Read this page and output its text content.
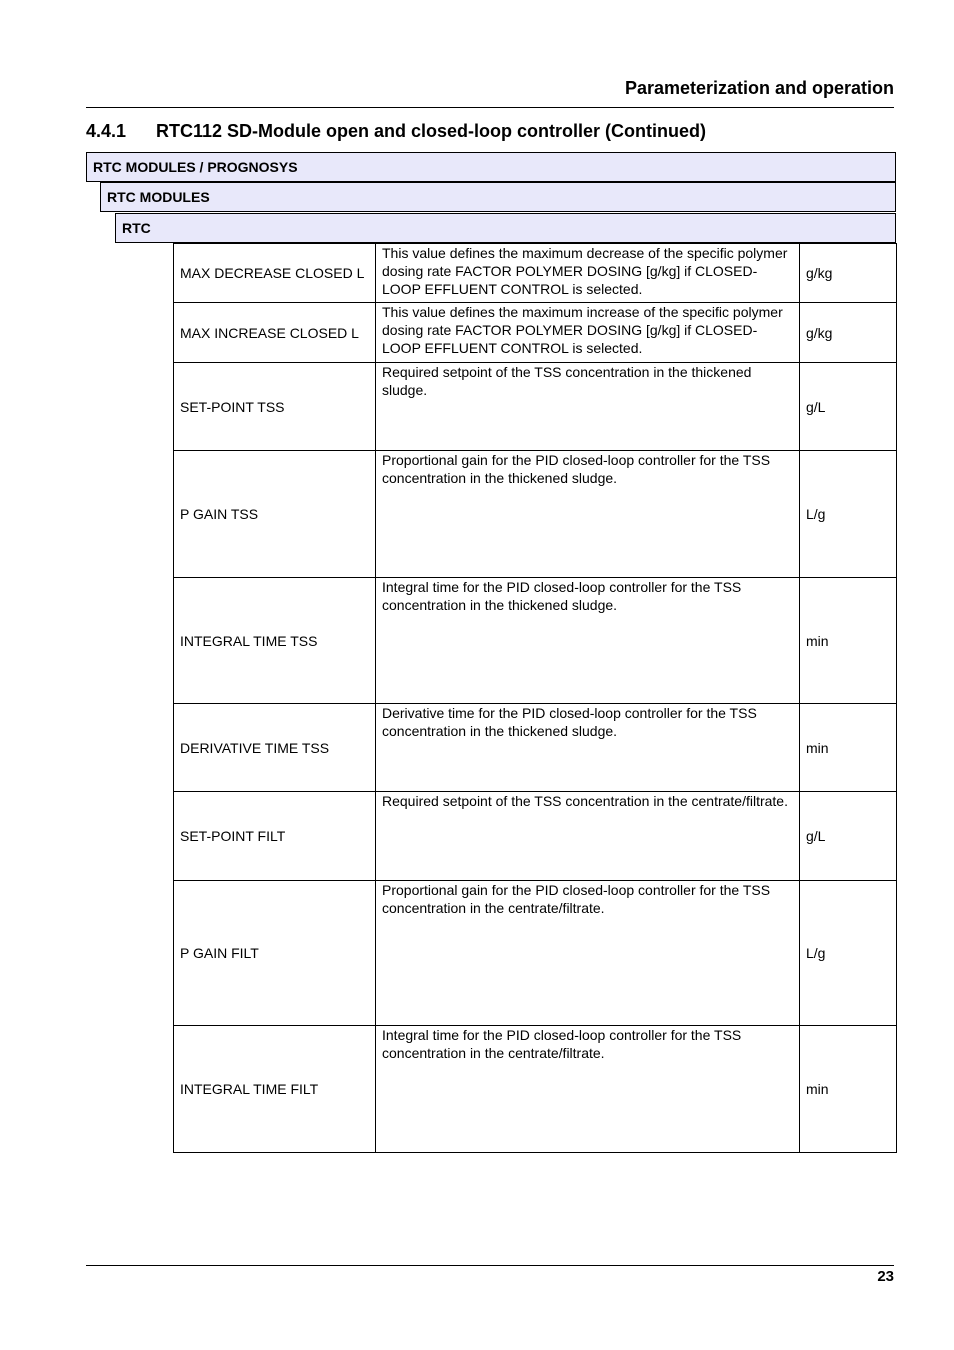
Parameterization and operation
4.4.1 RTC112 SD-Module open and closed-loop controller (Continued)
RTC MODULES / PROGNOSYS
RTC MODULES
RTC
MAX DECREASE CLOSED L	This value defines the maximum decrease of the specific polymer dosing rate FACTOR POLYMER DOSING [g/kg] if CLOSED-LOOP EFFLUENT CONTROL is selected.	g/kg
MAX INCREASE CLOSED L	This value defines the maximum increase of the specific polymer dosing rate FACTOR POLYMER DOSING [g/kg] if CLOSED-LOOP EFFLUENT CONTROL is selected.	g/kg
SET-POINT TSS	Required setpoint of the TSS concentration in the thickened sludge.	g/L
P GAIN TSS	Proportional gain for the PID closed-loop controller for the TSS concentration in the thickened sludge.	L/g
INTEGRAL TIME TSS	Integral time for the PID closed-loop controller for the TSS concentration in the thickened sludge.	min
DERIVATIVE TIME TSS	Derivative time for the PID closed-loop controller for the TSS concentration in the thickened sludge.	min
SET-POINT FILT	Required setpoint of the TSS concentration in the centrate/filtrate.	g/L
P GAIN FILT	Proportional gain for the PID closed-loop controller for the TSS concentration in the centrate/filtrate.	L/g
INTEGRAL TIME FILT	Integral time for the PID closed-loop controller for the TSS concentration in the centrate/filtrate.	min
23
